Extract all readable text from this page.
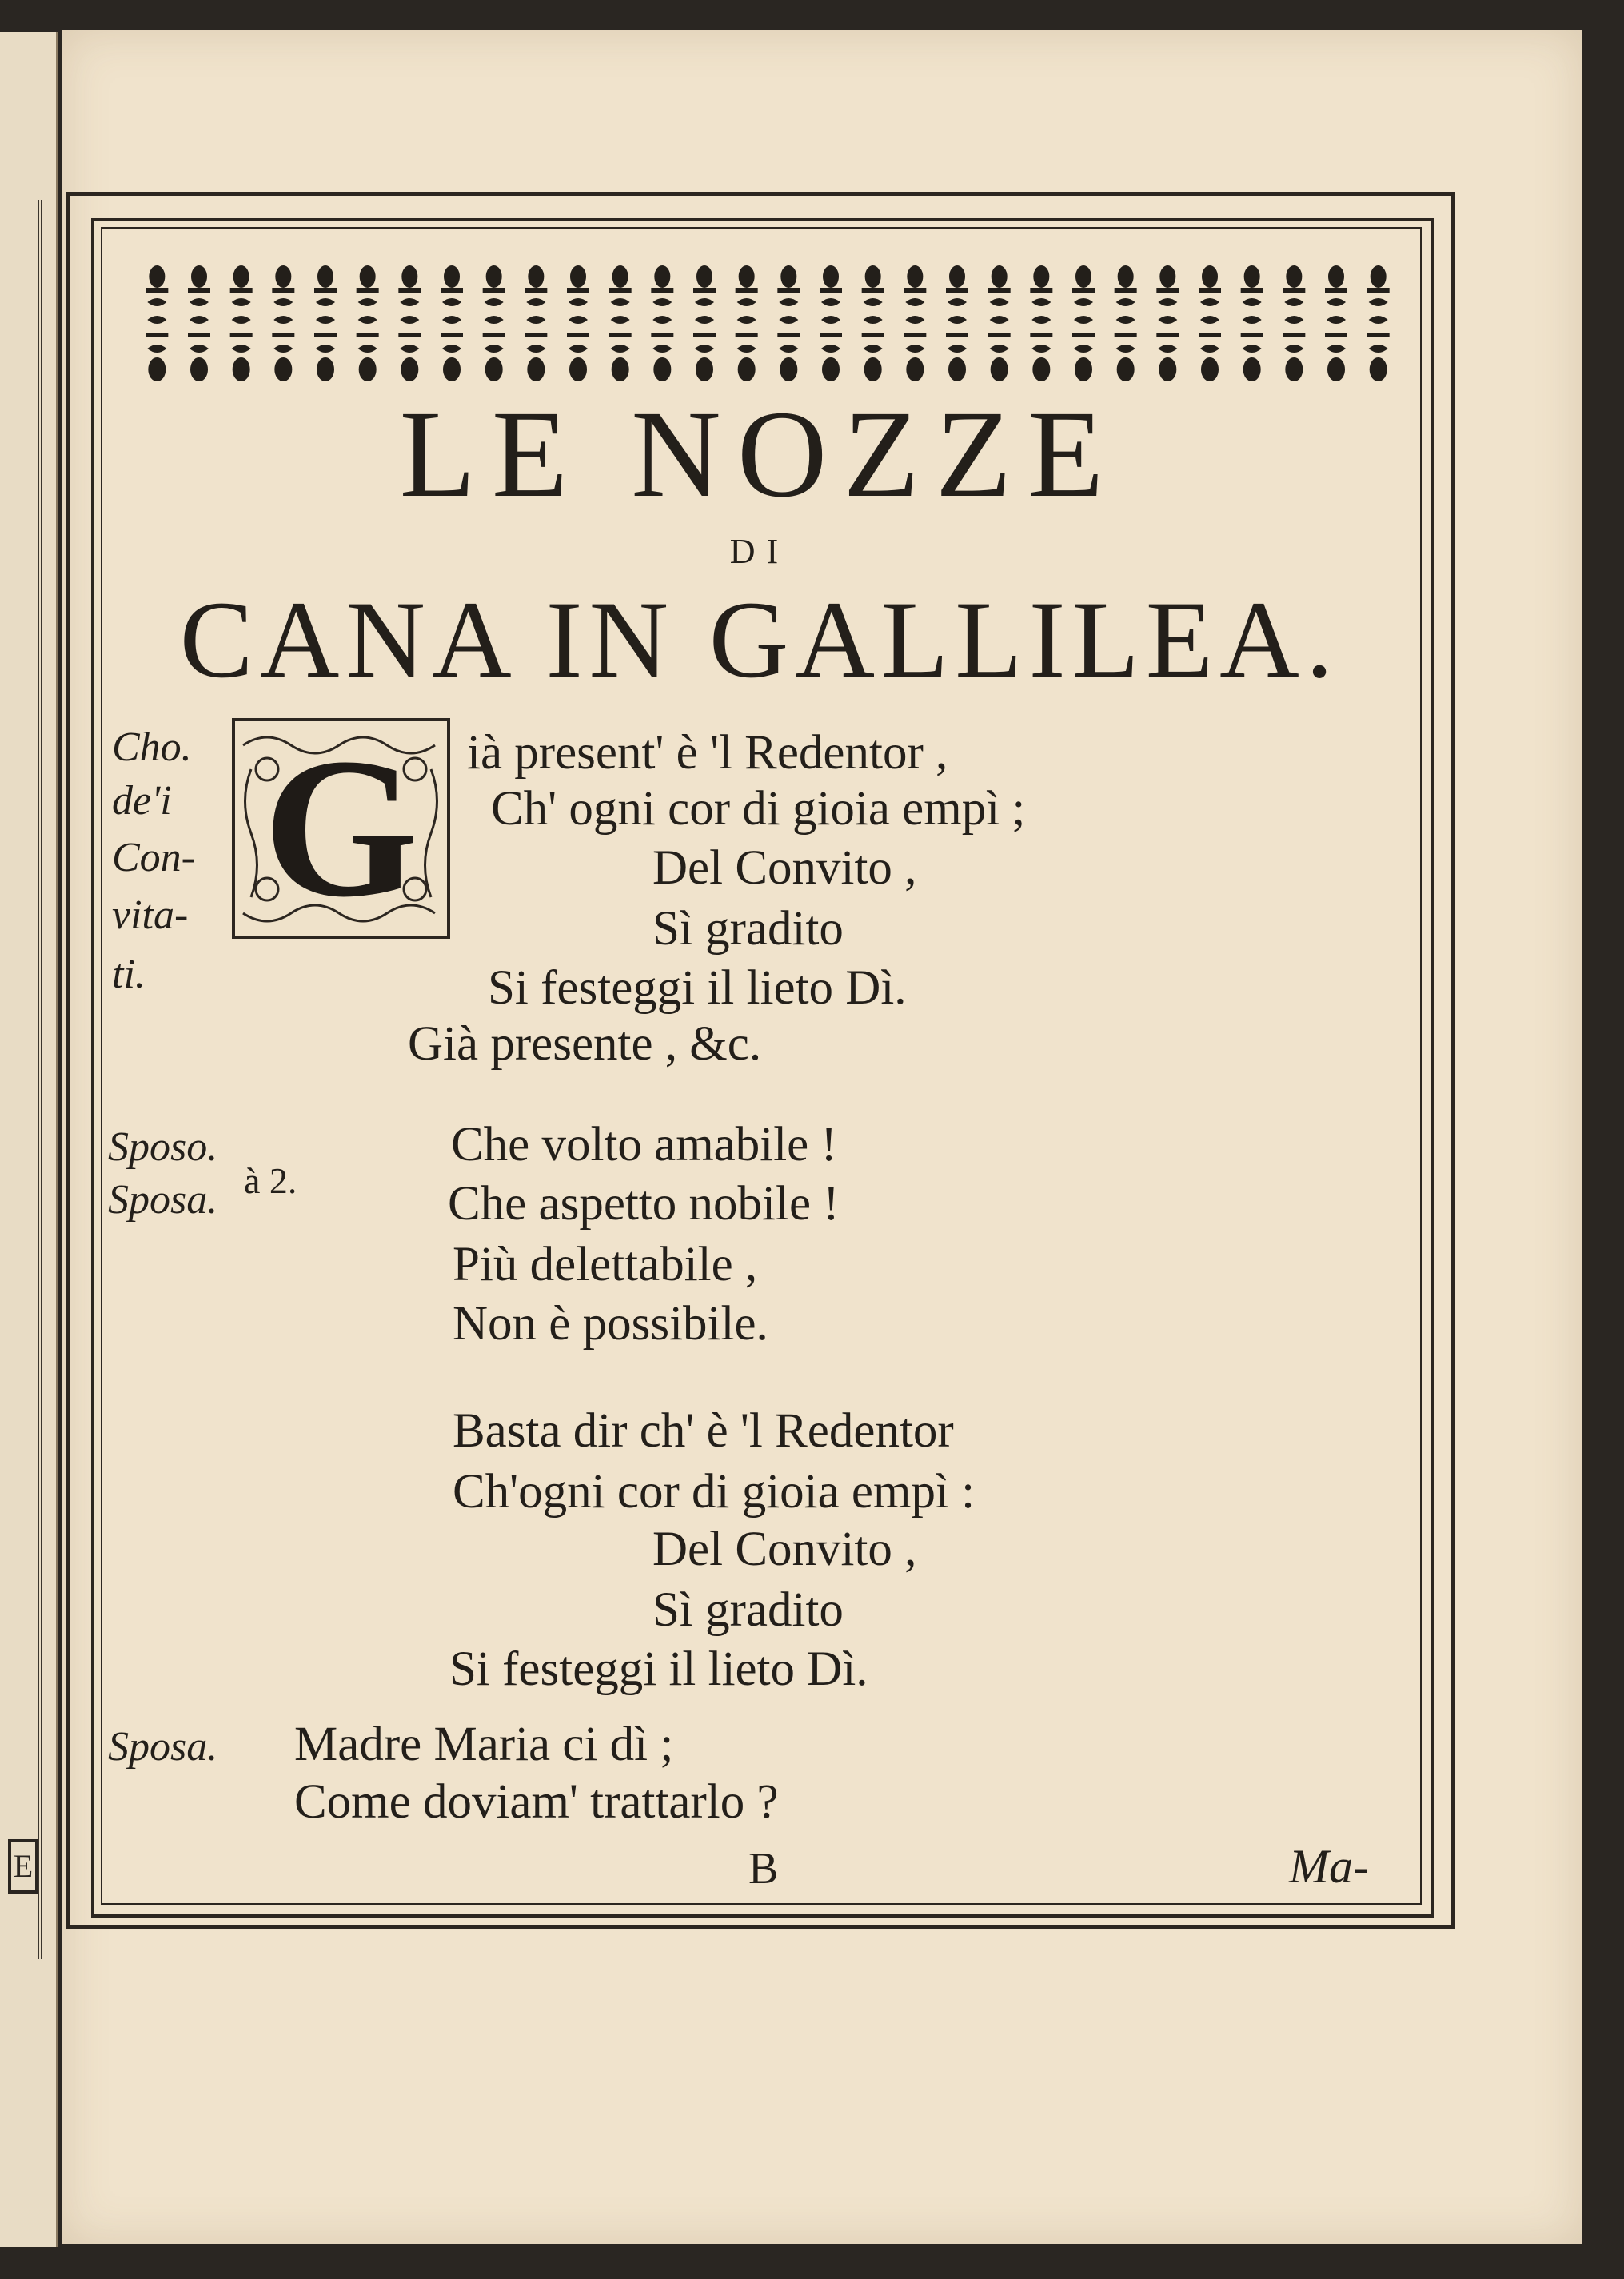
E
LE NOZZE
DI
CANA IN GALLILEA.
Cho.
de'i
Con-
vita-
ti.
G ià present' è 'l Redentor ,
Ch' ogni cor di gioia empì ;
Del Convito ,
Sì gradito
Si festeggi il lieto Dì.
Già presente , &c.
Sposo.
Sposa. à 2.
Che volto amabile !
Che aspetto nobile !
Più delettabile ,
Non è possibile.
Basta dir ch' è 'l Redentor
Ch'ogni cor di gioia empì :
Del Convito ,
Sì gradito
Si festeggi il lieto Dì.
Sposa. Madre Maria ci dì ;
Come doviam' trattarlo ?
B	Ma-
